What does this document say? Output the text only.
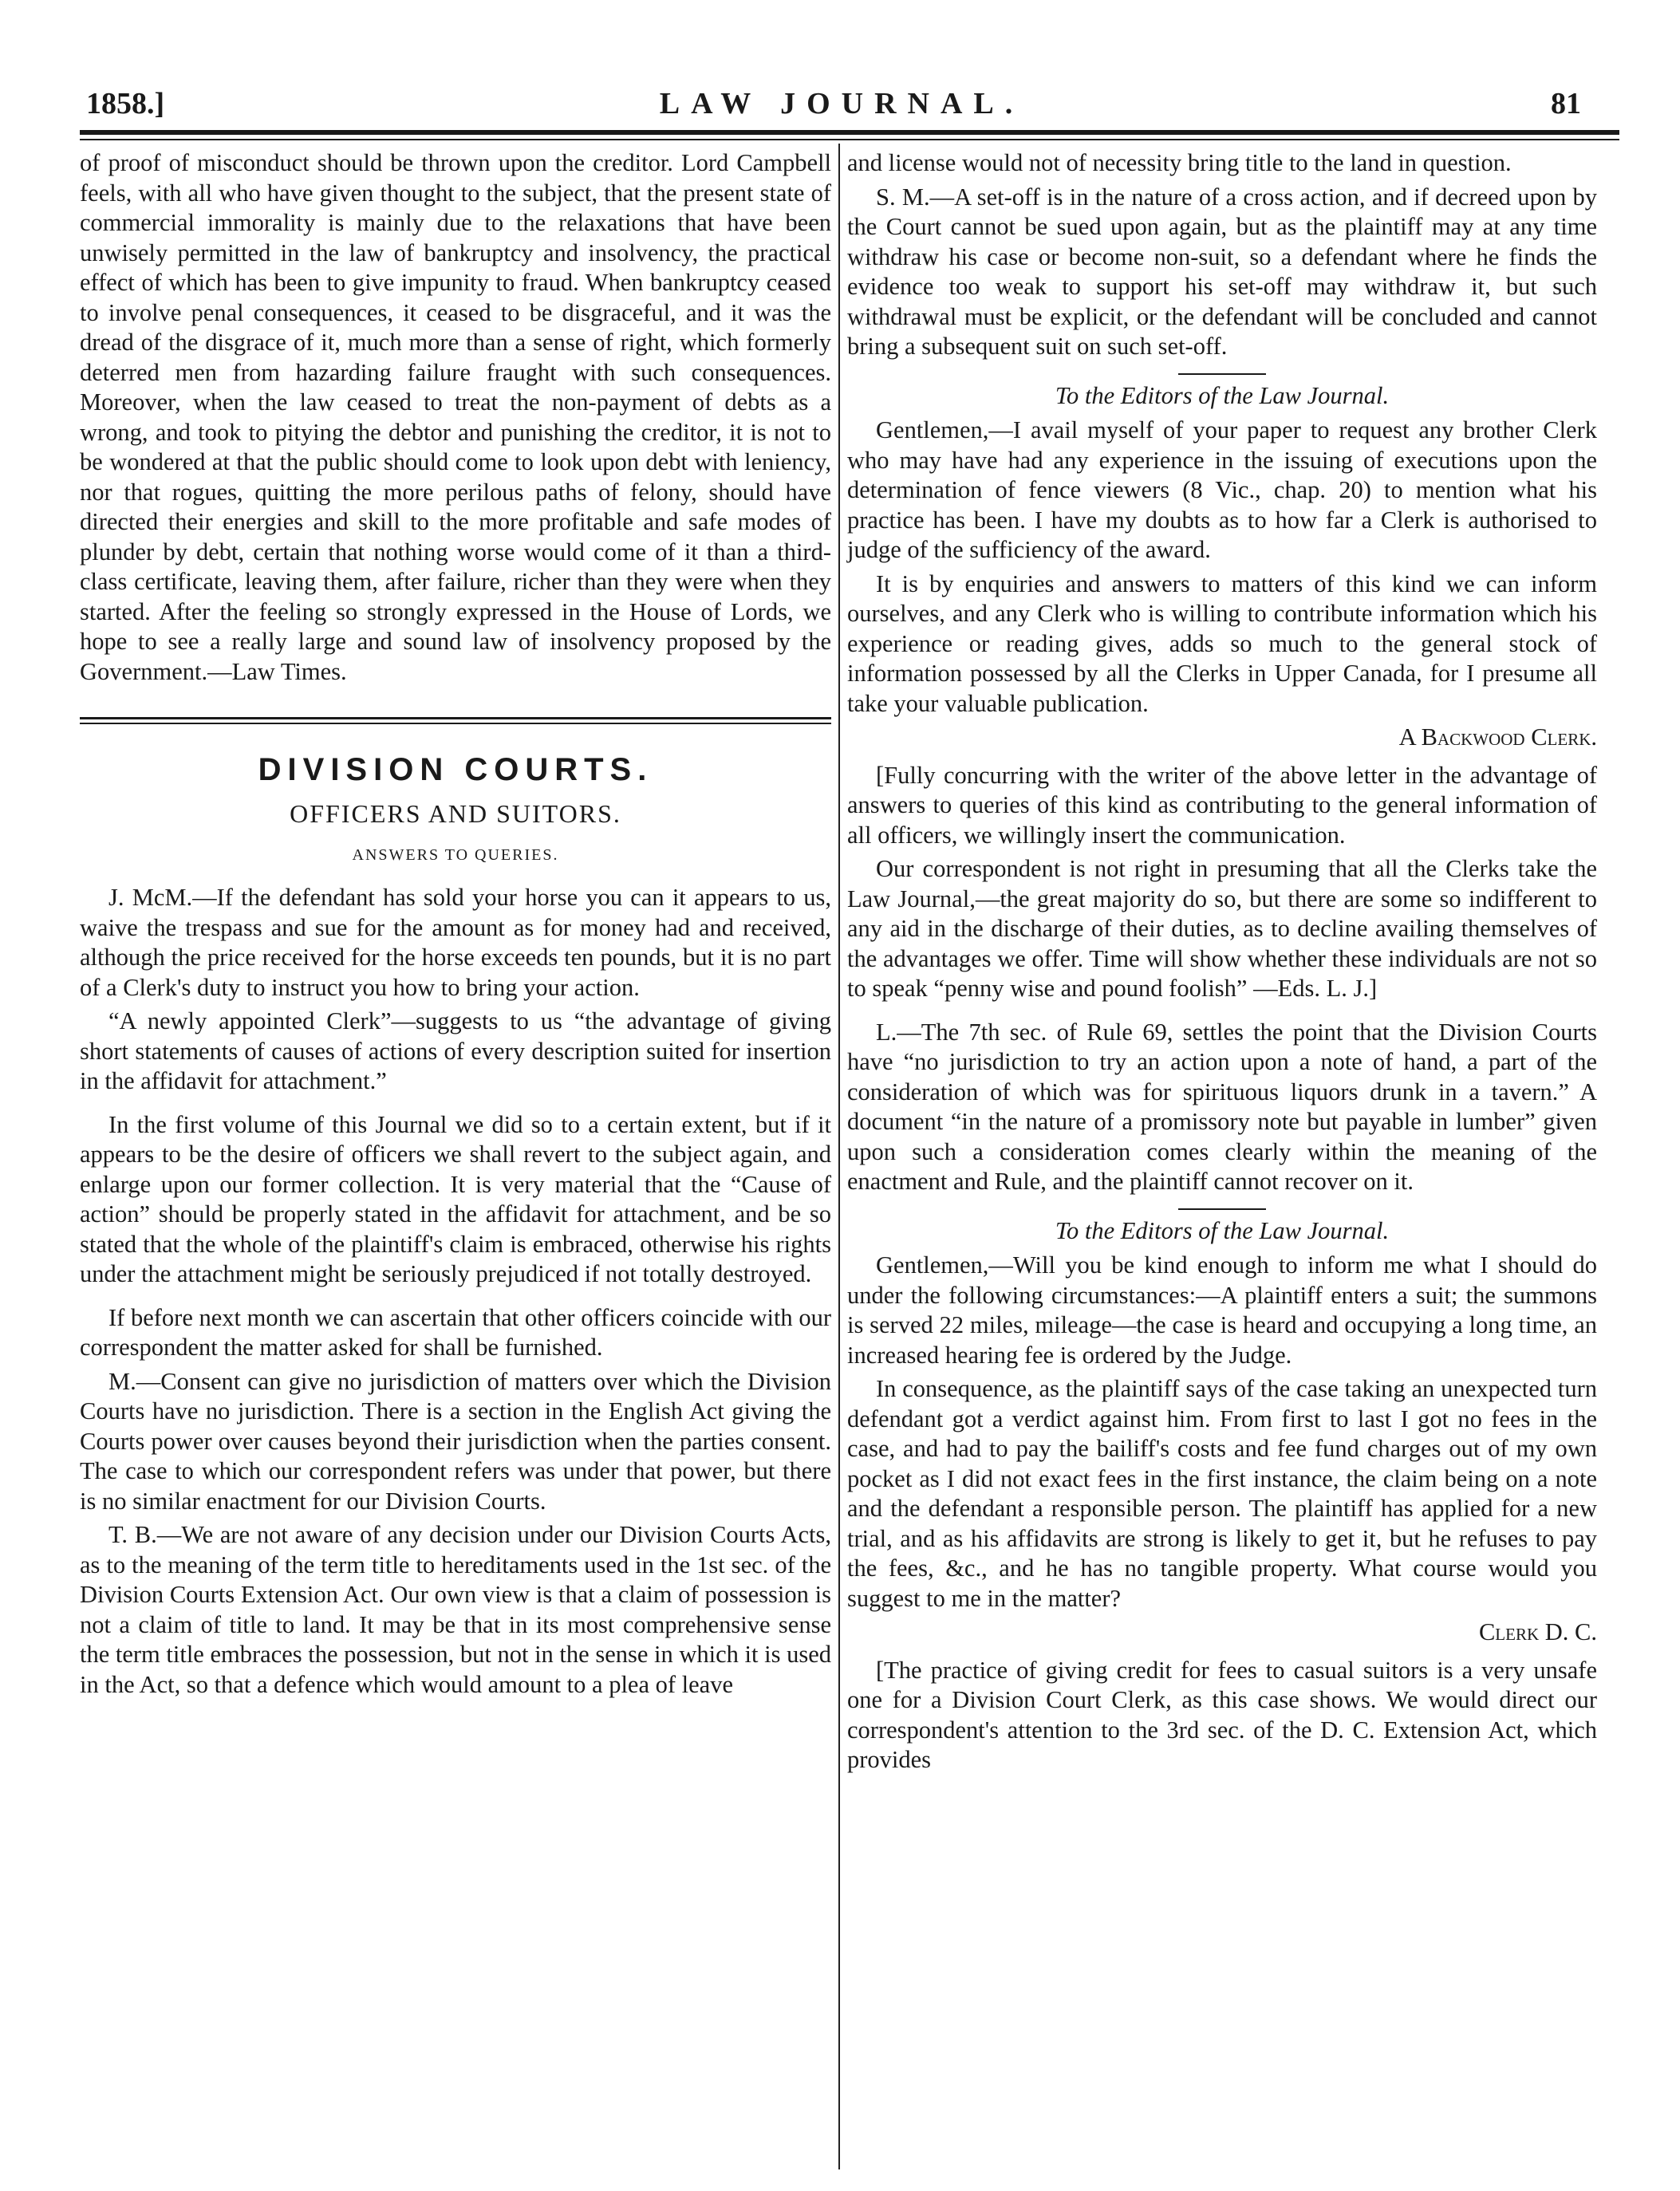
1858.]	LAW JOURNAL.	81

of proof of misconduct should be thrown upon the creditor. Lord Campbell feels, with all who have given thought to the subject, that the present state of commercial immorality is mainly due to the relaxations that have been unwisely permitted in the law of bankruptcy and insolvency, the practical effect of which has been to give impunity to fraud. When bankruptcy ceased to involve penal consequences, it ceased to be disgraceful, and it was the dread of the disgrace of it, much more than a sense of right, which formerly deterred men from hazarding failure fraught with such consequences. Moreover, when the law ceased to treat the non-payment of debts as a wrong, and took to pitying the debtor and punishing the creditor, it is not to be wondered at that the public should come to look upon debt with leniency, nor that rogues, quitting the more perilous paths of felony, should have directed their energies and skill to the more profitable and safe modes of plunder by debt, certain that nothing worse would come of it than a third-class certificate, leaving them, after failure, richer than they were when they started. After the feeling so strongly expressed in the House of Lords, we hope to see a really large and sound law of insolvency proposed by the Government.—Law Times.

DIVISION COURTS.
OFFICERS AND SUITORS.
ANSWERS TO QUERIES.

J. McM.—If the defendant has sold your horse you can it appears to us, waive the trespass and sue for the amount as for money had and received, although the price received for the horse exceeds ten pounds, but it is no part of a Clerk's duty to instruct you how to bring your action.

“A newly appointed Clerk”—suggests to us “the advantage of giving short statements of causes of actions of every description suited for insertion in the affidavit for attachment.”

In the first volume of this Journal we did so to a certain extent, but if it appears to be the desire of officers we shall revert to the subject again, and enlarge upon our former collection. It is very material that the “Cause of action” should be properly stated in the affidavit for attachment, and be so stated that the whole of the plaintiff's claim is embraced, otherwise his rights under the attachment might be seriously prejudiced if not totally destroyed.

If before next month we can ascertain that other officers coincide with our correspondent the matter asked for shall be furnished.

M.—Consent can give no jurisdiction of matters over which the Division Courts have no jurisdiction. There is a section in the English Act giving the Courts power over causes beyond their jurisdiction when the parties consent. The case to which our correspondent refers was under that power, but there is no similar enactment for our Division Courts.

T. B.—We are not aware of any decision under our Division Courts Acts, as to the meaning of the term title to hereditaments used in the 1st sec. of the Division Courts Extension Act. Our own view is that a claim of possession is not a claim of title to land. It may be that in its most comprehensive sense the term title embraces the possession, but not in the sense in which it is used in the Act, so that a defence which would amount to a plea of leave

and license would not of necessity bring title to the land in question.

S. M.—A set-off is in the nature of a cross action, and if decreed upon by the Court cannot be sued upon again, but as the plaintiff may at any time withdraw his case or become non-suit, so a defendant where he finds the evidence too weak to support his set-off may withdraw it, but such withdrawal must be explicit, or the defendant will be concluded and cannot bring a subsequent suit on such set-off.

To the Editors of the Law Journal.

Gentlemen,—I avail myself of your paper to request any brother Clerk who may have had any experience in the issuing of executions upon the determination of fence viewers (8 Vic., chap. 20) to mention what his practice has been. I have my doubts as to how far a Clerk is authorised to judge of the sufficiency of the award.

It is by enquiries and answers to matters of this kind we can inform ourselves, and any Clerk who is willing to contribute information which his experience or reading gives, adds so much to the general stock of information possessed by all the Clerks in Upper Canada, for I presume all take your valuable publication.

A Backwood Clerk.

[Fully concurring with the writer of the above letter in the advantage of answers to queries of this kind as contributing to the general information of all officers, we willingly insert the communication.

Our correspondent is not right in presuming that all the Clerks take the Law Journal,—the great majority do so, but there are some so indifferent to any aid in the discharge of their duties, as to decline availing themselves of the advantages we offer. Time will show whether these individuals are not so to speak “penny wise and pound foolish” —Eds. L. J.]

L.—The 7th sec. of Rule 69, settles the point that the Division Courts have “no jurisdiction to try an action upon a note of hand, a part of the consideration of which was for spirituous liquors drunk in a tavern.” A document “in the nature of a promissory note but payable in lumber” given upon such a consideration comes clearly within the meaning of the enactment and Rule, and the plaintiff cannot recover on it.

To the Editors of the Law Journal.

Gentlemen,—Will you be kind enough to inform me what I should do under the following circumstances:—A plaintiff enters a suit; the summons is served 22 miles, mileage—the case is heard and occupying a long time, an increased hearing fee is ordered by the Judge.

In consequence, as the plaintiff says of the case taking an unexpected turn defendant got a verdict against him. From first to last I got no fees in the case, and had to pay the bailiff's costs and fee fund charges out of my own pocket as I did not exact fees in the first instance, the claim being on a note and the defendant a responsible person. The plaintiff has applied for a new trial, and as his affidavits are strong is likely to get it, but he refuses to pay the fees, &c., and he has no tangible property. What course would you suggest to me in the matter?

Clerk D. C.

[The practice of giving credit for fees to casual suitors is a very unsafe one for a Division Court Clerk, as this case shows. We would direct our correspondent's attention to the 3rd sec. of the D. C. Extension Act, which provides
